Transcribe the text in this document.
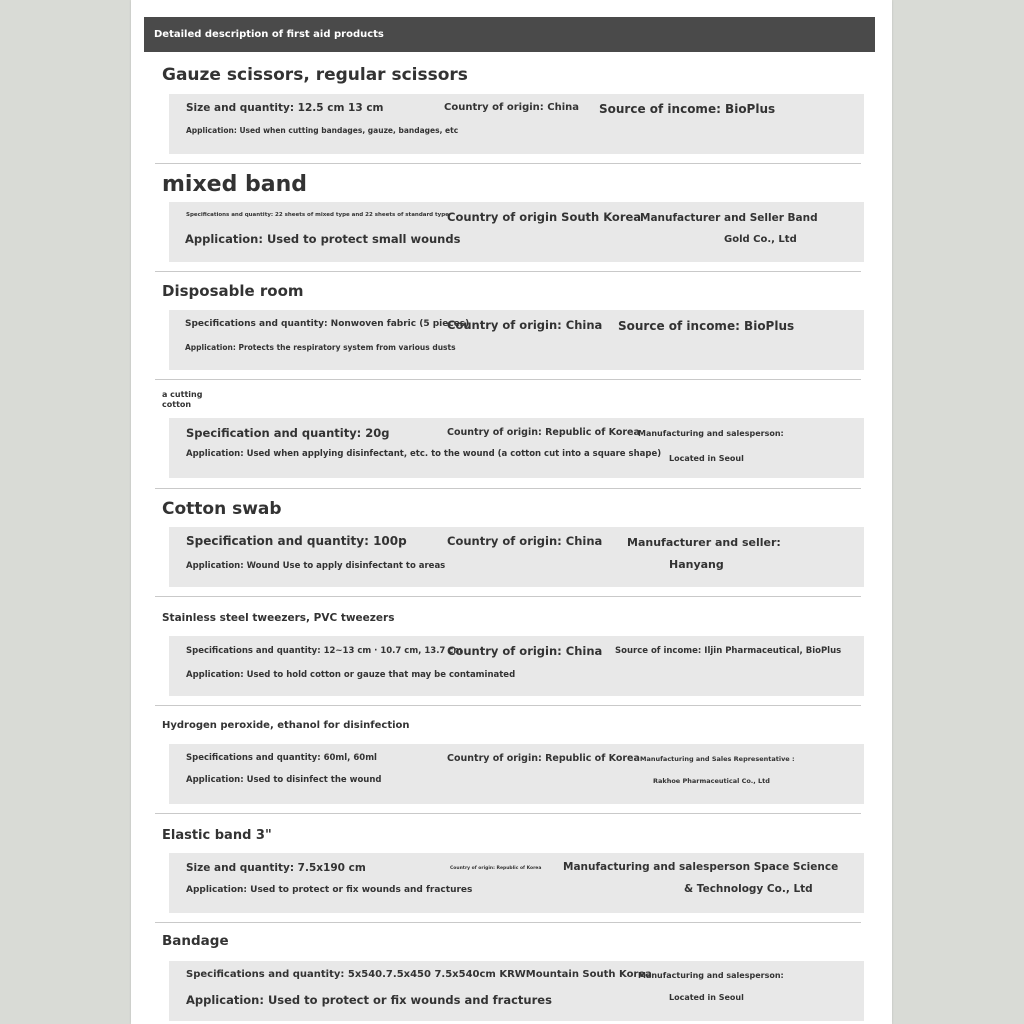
Detailed description of first aid products
Gauze scissors, regular scissors
Size and quantity: 12.5 cm 13 cm	Country of origin: China Source of income: BioPlus
Application: Used when cutting bandages, gauze, bandages, etc
mixed band
Specifications and quantity: 22 sheets of mixed type and 22 sheets of standard type
Country of origin South Korea
Manufacturer and Seller Band
Gold Co., Ltd
Application: Used to protect small wounds
Disposable room
Specifications and quantity: Nonwoven fabric (5 pieces)
Country of origin: China Source of income: BioPlus
Application: Protects the respiratory system from various dusts
a cutting
cotton
Specification and quantity: 20g	Country of origin: Republic of Korea
Manufacturing and salesperson:
Located in Seoul
Application: Used when applying disinfectant, etc. to the wound (a cotton cut into a square shape)
Cotton swab
Specification and quantity: 100p	Country of origin: China Manufacturer and seller:
Hanyang
Application: Wound Use to apply disinfectant to areas
Stainless steel tweezers, PVC tweezers
Specifications and quantity: 12~13 cm · 10.7 cm, 13.7 cm
Country of origin: China Source of income: Iljin Pharmaceutical, BioPlus
Application: Used to hold cotton or gauze that may be contaminated
Hydrogen peroxide, ethanol for disinfection
Specifications and quantity: 60ml, 60ml	Country of origin: Republic of Korea Manufacturing and Sales Representative :
Rakhoe Pharmaceutical Co., Ltd
Application: Used to disinfect the wound
Elastic band 3"
Size and quantity: 7.5x190 cm	Country of origin: Republic of Korea Manufacturing and salesperson Space Science
& Technology Co., Ltd
Application: Used to protect or fix wounds and fractures
Bandage
Specifications and quantity: 5x540.7.5x450 7.5x540cm KRWMountain South Korea
Manufacturing and salesperson:
Located in Seoul
Application: Used to protect or fix wounds and fractures
